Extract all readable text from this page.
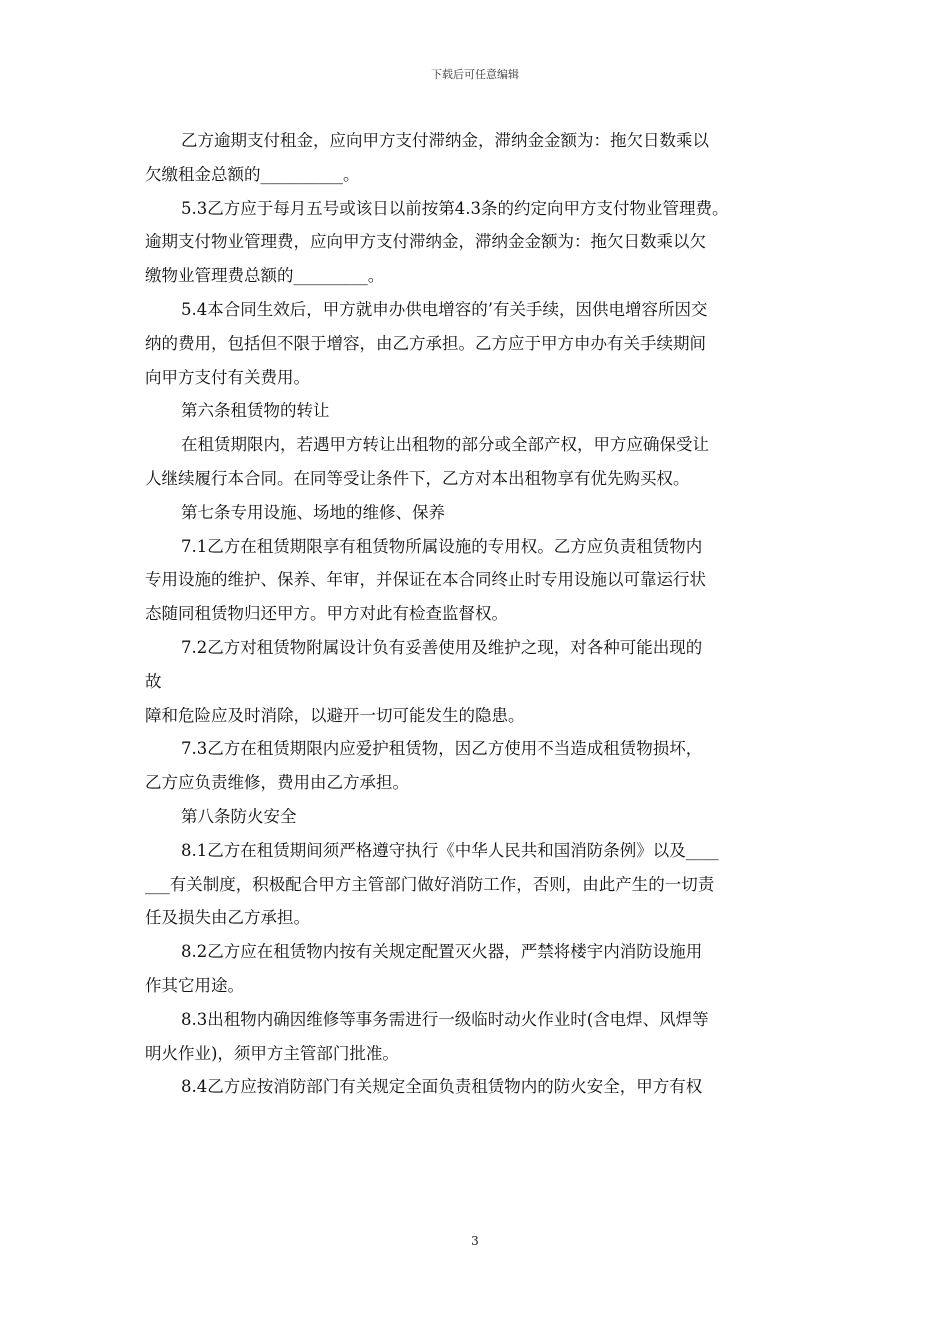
下载后可任意编辑

乙方逾期支付租金，应向甲方支付滞纳金，滞纳金金额为：拖欠日数乘以

欠缴租金总额的__________。

5.3乙方应于每月五号或该日以前按第4.3条的约定向甲方支付物业管理费。

逾期支付物业管理费，应向甲方支付滞纳金，滞纳金金额为：拖欠日数乘以欠

缴物业管理费总额的_________。

5.4本合同生效后，甲方就申办供电增容的’有关手续，因供电增容所因交

纳的费用，包括但不限于增容，由乙方承担。乙方应于甲方申办有关手续期间

向甲方支付有关费用。

第六条租赁物的转让

在租赁期限内，若遇甲方转让出租物的部分或全部产权，甲方应确保受让

人继续履行本合同。在同等受让条件下，乙方对本出租物享有优先购买权。

第七条专用设施、场地的维修、保养

7.1乙方在租赁期限享有租赁物所属设施的专用权。乙方应负责租赁物内

专用设施的维护、保养、年审，并保证在本合同终止时专用设施以可靠运行状

态随同租赁物归还甲方。甲方对此有检查监督权。

7.2乙方对租赁物附属设计负有妥善使用及维护之现，对各种可能出现的

故

障和危险应及时消除，以避开一切可能发生的隐患。

7.3乙方在租赁期限内应爱护租赁物，因乙方使用不当造成租赁物损坏，

乙方应负责维修，费用由乙方承担。

第八条防火安全

8.1乙方在租赁期间须严格遵守执行《中华人民共和国消防条例》以及____

___有关制度，积极配合甲方主管部门做好消防工作，否则，由此产生的一切责

任及损失由乙方承担。

8.2乙方应在租赁物内按有关规定配置灭火器，严禁将楼宇内消防设施用

作其它用途。

8.3出租物内确因维修等事务需进行一级临时动火作业时(含电焊、风焊等

明火作业)，须甲方主管部门批准。

8.4乙方应按消防部门有关规定全面负责租赁物内的防火安全，甲方有权

3
